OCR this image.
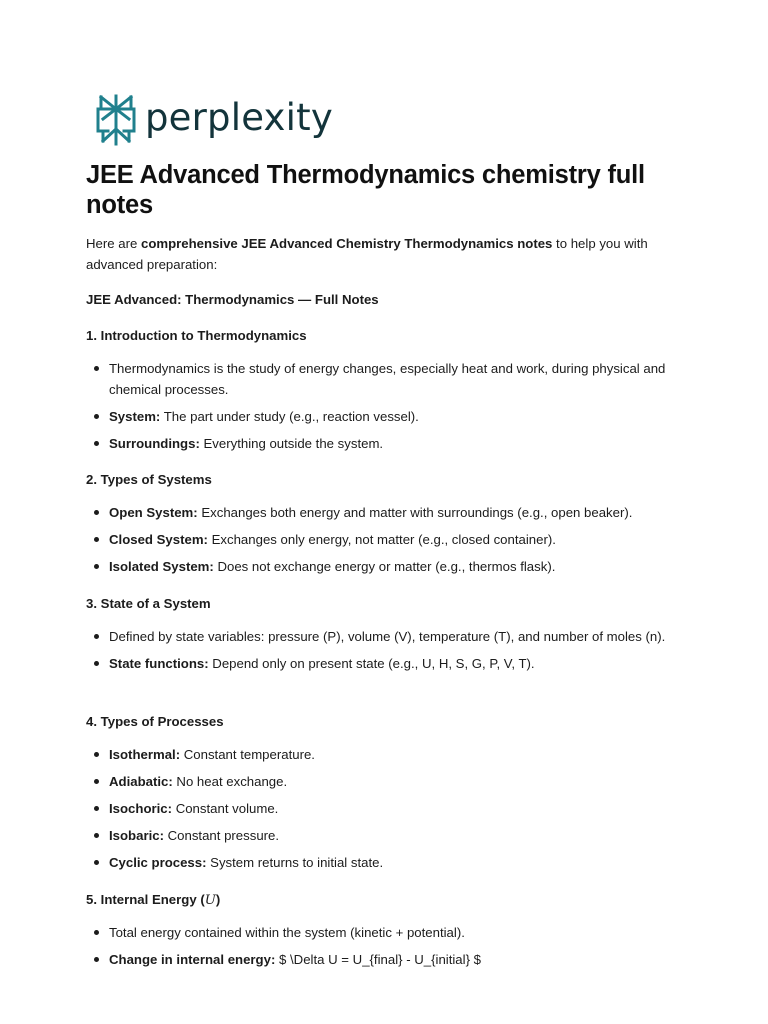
perplexity
JEE Advanced Thermodynamics chemistry full notes

Here are comprehensive JEE Advanced Chemistry Thermodynamics notes to help you with advanced preparation:

JEE Advanced: Thermodynamics — Full Notes

1. Introduction to Thermodynamics

Thermodynamics is the study of energy changes, especially heat and work, during physical and chemical processes.
System: The part under study (e.g., reaction vessel).
Surroundings: Everything outside the system.

2. Types of Systems

Open System: Exchanges both energy and matter with surroundings (e.g., open beaker).
Closed System: Exchanges only energy, not matter (e.g., closed container).
Isolated System: Does not exchange energy or matter (e.g., thermos flask).

3. State of a System

Defined by state variables: pressure (P), volume (V), temperature (T), and number of moles (n).
State functions: Depend only on present state (e.g., U, H, S, G, P, V, T).

4. Types of Processes

Isothermal: Constant temperature.
Adiabatic: No heat exchange.
Isochoric: Constant volume.
Isobaric: Constant pressure.
Cyclic process: System returns to initial state.

5. Internal Energy (U)

Total energy contained within the system (kinetic + potential).
Change in internal energy: $ \Delta U = U_{final} - U_{initial} $
